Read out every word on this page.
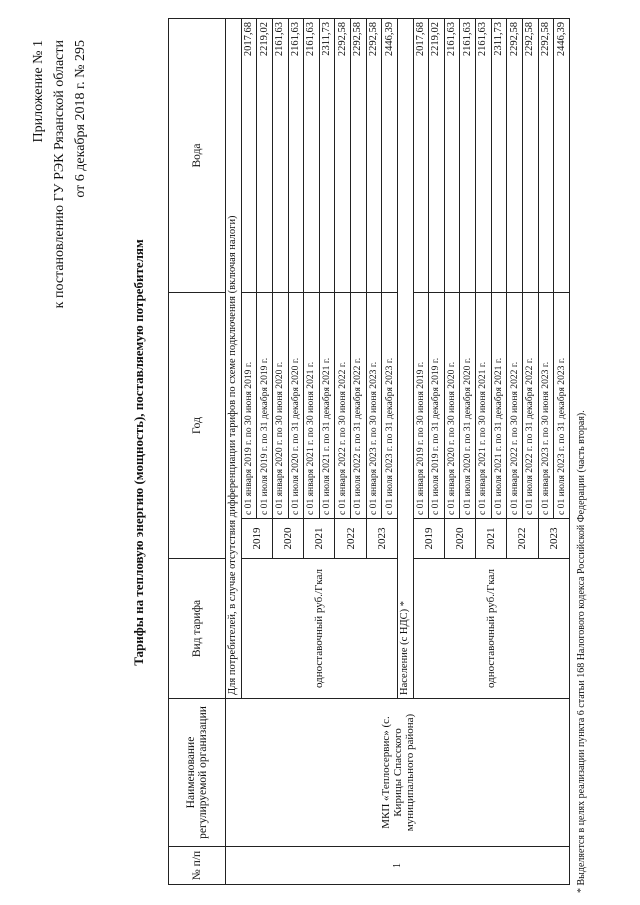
Приложение № 1 к постановлению ГУ РЭК Рязанской области от 6 декабря 2018 г. № 295
Тарифы на тепловую энергию (мощность), поставляемую потребителям
№ п/п	Наименование регулируемой организации	Вид тарифа	Год		Вода
1	МКП «Теплосервис» (с. Кирицы Спасского муниципального района)	Для потребителей, в случае отсутствия дифференциации тарифов по схеме подключения (включая налоги)			
		одноставочный руб./Гкал	2019	с 01 января 2019 г. по 30 июня 2019 г.	2017,68
				с 01 июля 2019 г. по 31 декабря 2019 г.	2219,02
			2020	с 01 января 2020 г. по 30 июня 2020 г.	2161,63
				с 01 июля 2020 г. по 31 декабря 2020 г.	2161,63
			2021	с 01 января 2021 г. по 30 июня 2021 г.	2161,63
				с 01 июля 2021 г. по 31 декабря 2021 г.	2311,73
			2022	с 01 января 2022 г. по 30 июня 2022 г.	2292,58
				с 01 июля 2022 г. по 31 декабря 2022 г.	2292,58
			2023	с 01 января 2023 г. по 30 июня 2023 г.	2292,58
				с 01 июля 2023 г. по 31 декабря 2023 г.	2446,39
		Население (с НДС) *			
		одноставочный руб./Гкал	2019	с 01 января 2019 г. по 30 июня 2019 г.	2017,68
				с 01 июля 2019 г. по 31 декабря 2019 г.	2219,02
			2020	с 01 января 2020 г. по 30 июня 2020 г.	2161,63
				с 01 июля 2020 г. по 31 декабря 2020 г.	2161,63
			2021	с 01 января 2021 г. по 30 июня 2021 г.	2161,63
				с 01 июля 2021 г. по 31 декабря 2021 г.	2311,73
			2022	с 01 января 2022 г. по 30 июня 2022 г.	2292,58
				с 01 июля 2022 г. по 31 декабря 2022 г.	2292,58
			2023	с 01 января 2023 г. по 30 июня 2023 г.	2292,58
				с 01 июля 2023 г. по 31 декабря 2023 г.	2446,39
* Выделяется в целях реализации пункта 6 статьи 168 Налогового кодекса Российской Федерации (часть вторая).
